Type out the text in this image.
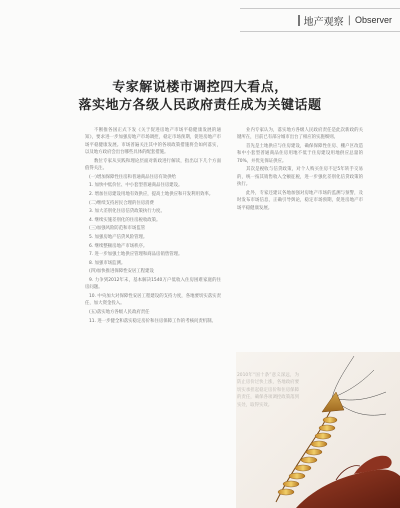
地产观察 | Observer
专家解说楼市调控四大看点，
落实地方各级人民政府责任成为关键话题

不断推各国正式下发《关于促进房地产市场平稳健康发展的通知》，要求进一步加强房地产市场调控，稳定市场预期，促进房地产市场平稳健康发展。市场普遍关注其中的各项政策措施将会如何落实，以及地方政府会出台哪些具体的配套措施。

数位专家从实践和理论层面对新政进行解读，指出以下几个方面值得关注。

(一)增加保障性住房和普通商品住房有效供给

1. 加快中低价位、中小套型普通商品住房建设。

2. 增加住房建设用地有效供应，提高土地供应和开发利用效率。

(二)继续支持居民合理的住房消费

3. 加大差别化住房信贷政策执行力度。

4. 继续实施差别化的住房税收政策。

(三)加强风险防范和市场监管

5. 加强房地产信贷风险管理。

6. 继续整顿房地产市场秩序。

7. 进一步加强土地供应管理和商品房销售管理。

8. 加强市场监测。

(四)加快推进保障性安居工程建设

9. 力争到2012年末，基本解决1540万户低收入住房困难家庭的住房问题。

10. 中央加大对保障性安居工程建设的支持力度，各地要切实落实责任，加大资金投入。

(五)落实地方各级人民政府责任

11. 进一步健全和落实稳定房价和住房保障工作的考核问责机制。

业内专家认为，落实地方各级人民政府责任是此次新政的关键所在，目前已有部分城市出台了相应的实施细则。

首先是土地供应与住房建设，确保保障性住房、棚户区改造和中小套型普通商品住房用地不低于住房建设用地供应总量的70%，并优先保证供应。

其次是税收与信贷政策，对个人购买住房不足5年转手交易的，统一按其销售收入全额征税，进一步强化差别化信贷政策的执行。

此外，专家还建议各地加强对房地产市场的监测与预警，及时发布市场信息，正确引导舆论，稳定市场预期，促进房地产市场平稳健康发展。
